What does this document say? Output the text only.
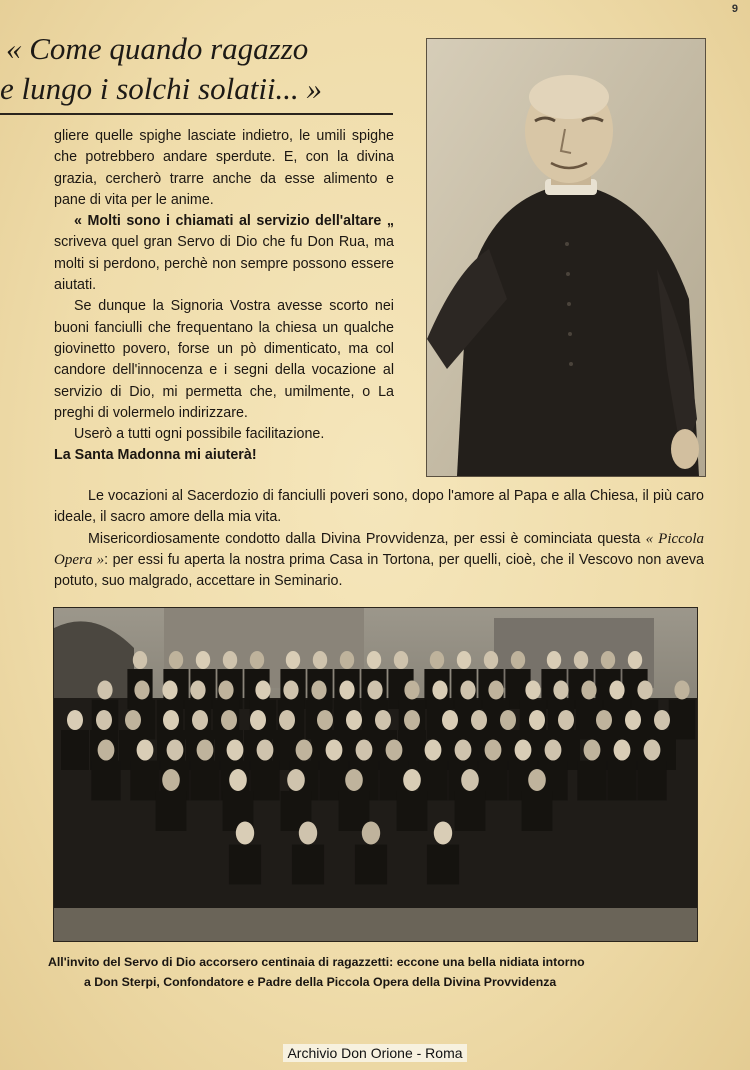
9
« Come quando ragazzo
e lungo i solchi solatii... »

gliere quelle spighe lasciate indietro, le umili spighe che potrebbero andare sperdute. E, con la divina grazia, cercherò trarre anche da esse alimento e pane di vita per le anime.

« Molti sono i chiamati al servizio dell'altare „ scriveva quel gran Servo di Dio che fu Don Rua, ma molti si perdono, perchè non sempre possono essere aiutati.

Se dunque la Signoria Vostra avesse scorto nei buoni fanciulli che frequentano la chiesa un qualche giovinetto povero, forse un pò dimenticato, ma col candore dell'innocenza e i segni della vocazione al servizio di Dio, mi permetta che, umilmente, o La preghi di volermelo indirizzare.

Userò a tutti ogni possibile facilitazione.

La Santa Madonna mi aiuterà!

Le vocazioni al Sacerdozio di fanciulli poveri sono, dopo l'amore al Papa e alla Chiesa, il più caro ideale, il sacro amore della mia vita.

Misericordiosamente condotto dalla Divina Provvidenza, per essi è cominciata questa « Piccola Opera »: per essi fu aperta la nostra prima Casa in Tortona, per quelli, cioè, che il Vescovo non aveva potuto, suo malgrado, accettare in Seminario.

All'invito del Servo di Dio accorsero centinaia di ragazzetti: eccone una bella nidiata intorno
a Don Sterpi, Confondatore e Padre della Piccola Opera della Divina Provvidenza
Archivio Don Orione - Roma
